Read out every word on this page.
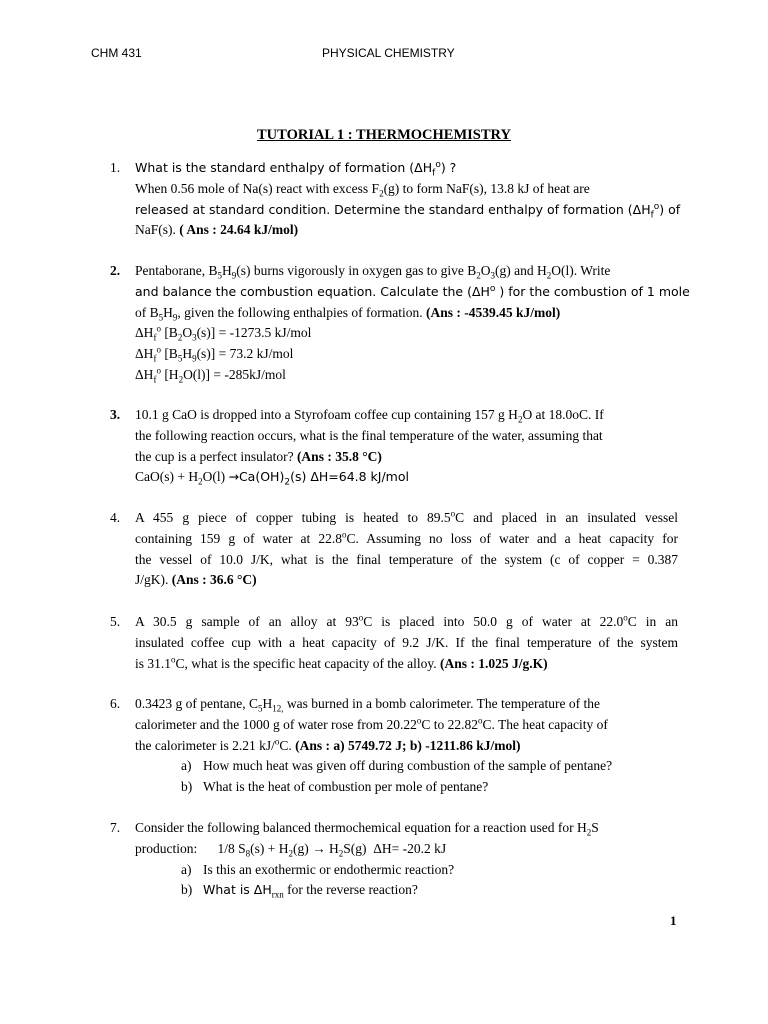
CHM 431	PHYSICAL CHEMISTRY
TUTORIAL 1 : THERMOCHEMISTRY
1. What is the standard enthalpy of formation $(\Delta H_f^o)$ ?
When 0.56 mole of Na(s) react with excess $F_2(g)$ to form NaF(s), 13.8 kJ of heat are
released at standard condition. Determine the standard enthalpy of formation $(\Delta H_f^o)$ of
NaF(s). ( Ans : 24.64 kJ/mol)
2. Pentaborane, $B_5H_9(s)$ burns vigorously in oxygen gas to give $B_2O_3(g)$ and $H_2O(l)$. Write
and balance the combustion equation. Calculate the ($\Delta H^o$ ) for the combustion of 1 mole
of $B_5H_9$, given the following enthalpies of formation. (Ans : -4539.45 kJ/mol)
$\Delta H_f^o$ $[B_2O_3(s)] = -1273.5$ kJ/mol
$\Delta H_f^o$ $[B_5H_9(s)] = 73.2$ kJ/mol
$\Delta H_f^o$ $[H_2O(l)] = -285kJ/mol$
3. 10.1 g CaO is dropped into a Styrofoam coffee cup containing 157 g $H_2O$ at 18.0oC. If
the following reaction occurs, what is the final temperature of the water, assuming that
the cup is a perfect insulator? (Ans : 35.8 °C)
$CaO(s) + H_2O(l) \to Ca(OH)_2(s)$ ΔH=64.8 kJ/mol
4. A 455 g piece of copper tubing is heated to 89.5$^o$C and placed in an insulated vessel
containing 159 g of water at 22.8$^o$C. Assuming no loss of water and a heat capacity for
the vessel of 10.0 J/K, what is the final temperature of the system (c of copper = 0.387
J/gK). (Ans : 36.6 °C)
5. A 30.5 g sample of an alloy at 93$^o$C is placed into 50.0 g of water at 22.0$^o$C in an
insulated coffee cup with a heat capacity of 9.2 J/K. If the final temperature of the system
is 31.1$^o$C, what is the specific heat capacity of the alloy. (Ans : 1.025 J/g.K)
6. 0.3423 g of pentane, $C_5H_{12,}$ was burned in a bomb calorimeter. The temperature of the
calorimeter and the 1000 g of water rose from 20.22$^o$C to 22.82$^o$C. The heat capacity of
the calorimeter is 2.21 kJ/$^o$C. (Ans : a) 5749.72 J; b) -1211.86 kJ/mol)
a) How much heat was given off during combustion of the sample of pentane?
b) What is the heat of combustion per mole of pentane?
7. Consider the following balanced thermochemical equation for a reaction used for $H_2S$
production:      1/8 $S_8(s) + H_2(g) \to H_2S(g)$  ΔH= -20.2 kJ
a) Is this an exothermic or endothermic reaction?
b) What is $\Delta H_{rxn}$ for the reverse reaction?
1
